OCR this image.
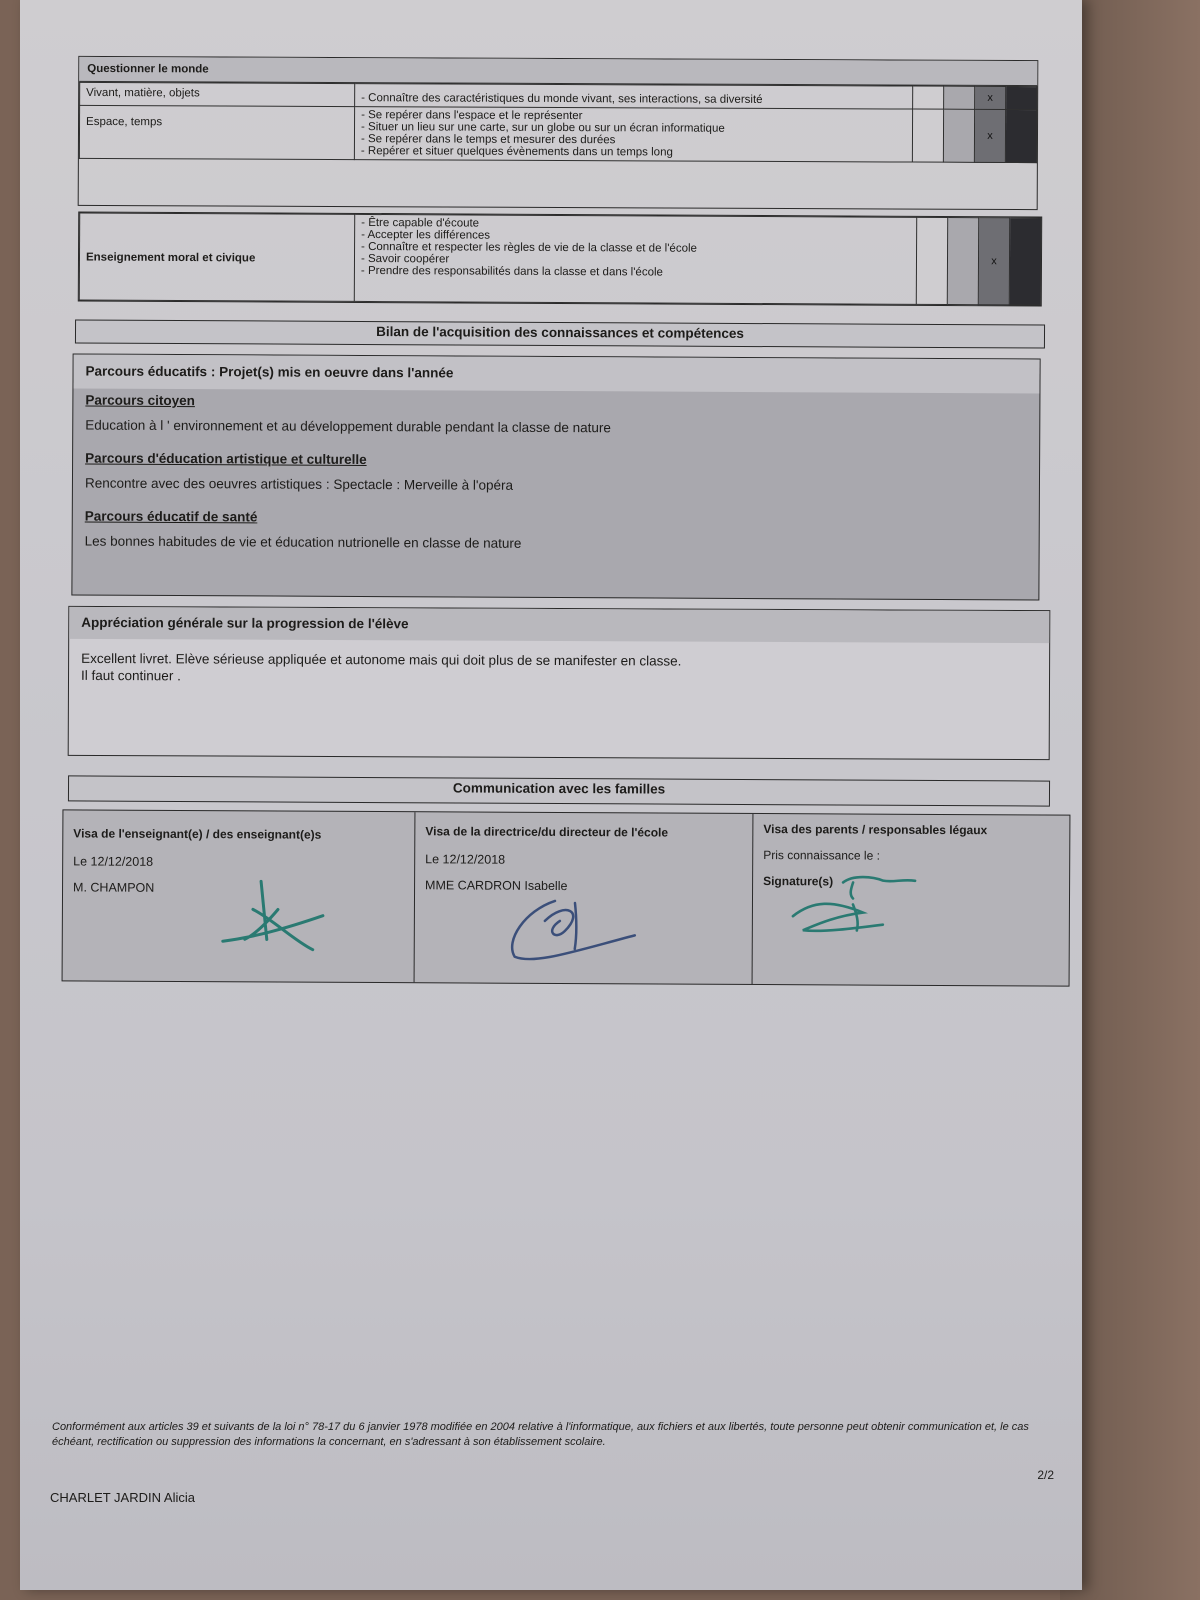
Questionner le monde
Vivant, matière, objets	- Connaître des caractéristiques du monde vivant, ses interactions, sa diversité			x	
Espace, temps	- Se repérer dans l'espace et le représenter
- Situer un lieu sur une carte, sur un globe ou sur un écran informatique
- Se repérer dans le temps et mesurer des durées
- Repérer et situer quelques évènements dans un temps long			x	
Enseignement moral et civique	
- Être capable d'écoute
- Accepter les différences
- Connaître et respecter les règles de vie de la classe et de l'école
- Savoir coopérer
- Prendre des responsabilités dans la classe et dans l'école
			x	
Bilan de l'acquisition des connaissances et compétences
Parcours éducatifs : Projet(s) mis en oeuvre dans l'année
Parcours citoyen
Education à l ' environnement et au développement durable pendant la classe de nature
Parcours d'éducation artistique et culturelle
Rencontre avec des oeuvres artistiques : Spectacle : Merveille à l'opéra
Parcours éducatif de santé
Les bonnes habitudes de vie et éducation nutrionelle en classe de nature
Appréciation générale sur la progression de l'élève
Excellent livret. Elève sérieuse appliquée et autonome mais qui doit plus de se manifester en classe.
Il faut continuer .
Communication avec les familles
Visa de l'enseignant(e) / des enseignant(e)s
Le 12/12/2018
M. CHAMPON
Visa de la directrice/du directeur de l'école
Le 12/12/2018
MME CARDRON Isabelle
Visa des parents / responsables légaux
Pris connaissance le :
Signature(s)
Conformément aux articles 39 et suivants de la loi n° 78-17 du 6 janvier 1978 modifiée en 2004 relative à l'informatique, aux fichiers et aux libertés, toute personne peut obtenir communication et, le cas échéant, rectification ou suppression des informations la concernant, en s'adressant à son établissement scolaire.
2/2
CHARLET JARDIN Alicia
